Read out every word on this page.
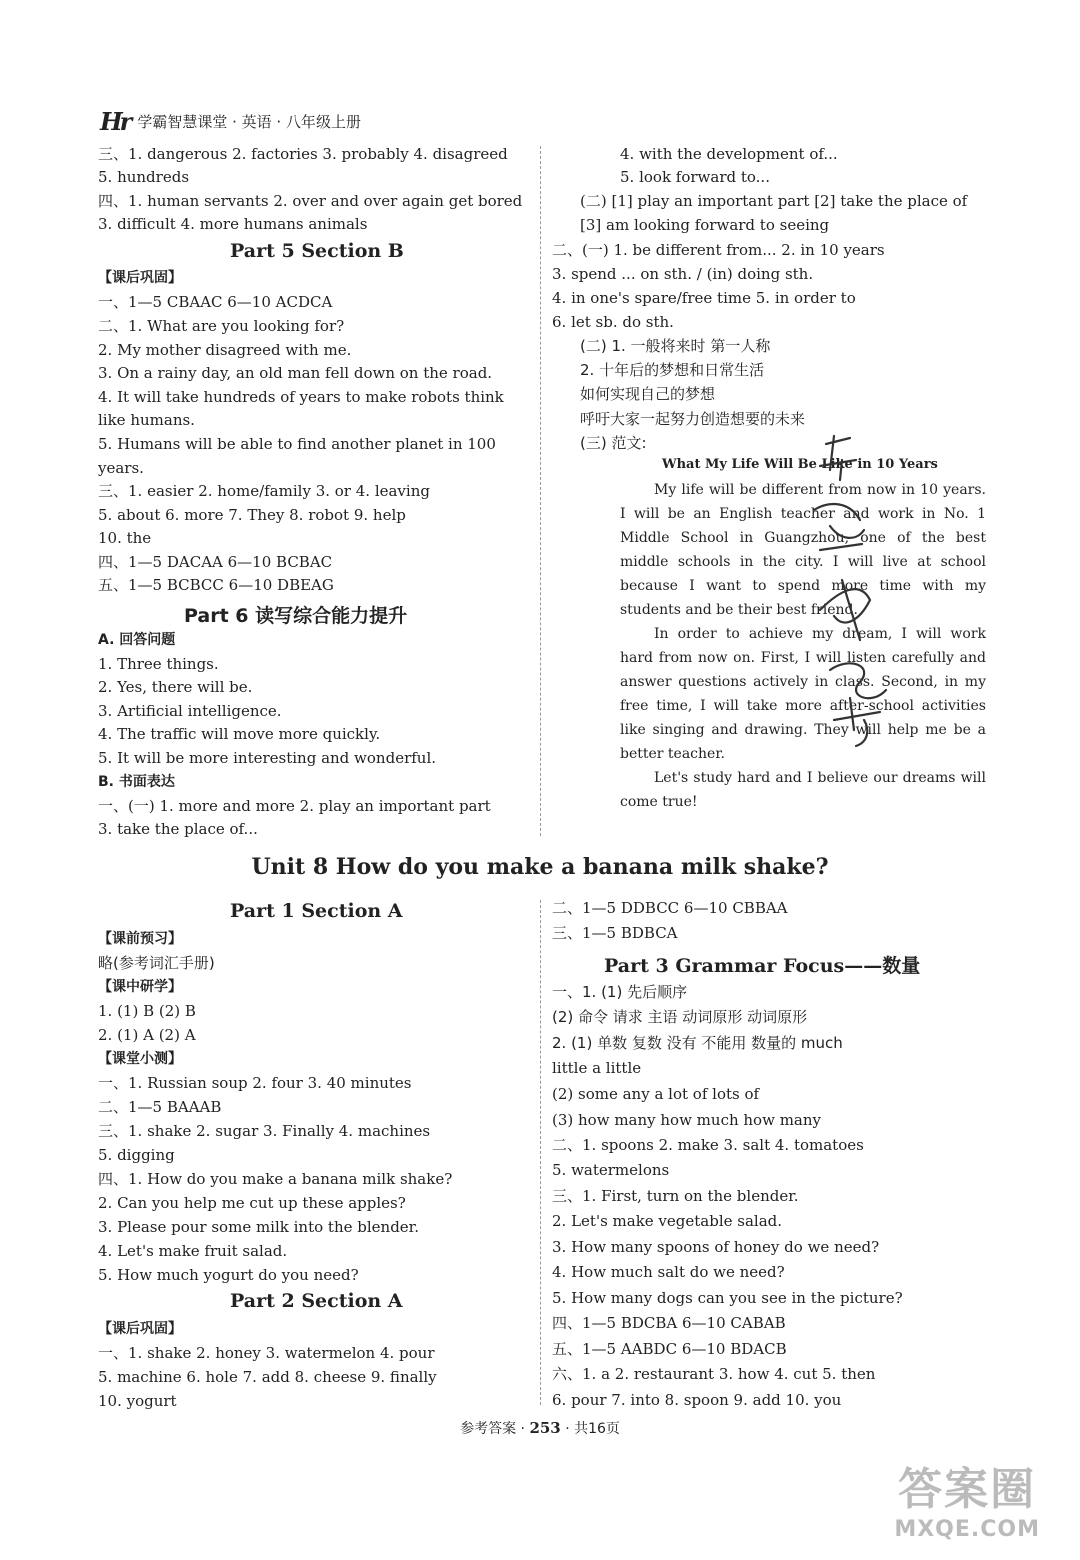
Hr 学霸智慧课堂 · 英语 · 八年级上册
三、1. dangerous 2. factories 3. probably 4. disagreed
5. hundreds
四、1. human servants 2. over and over again get bored
3. difficult 4. more humans animals
Part 5 Section B
【课后巩固】
一、1—5 CBAAC 6—10 ACDCA
二、1. What are you looking for?
2. My mother disagreed with me.
3. On a rainy day, an old man fell down on the road.
4. It will take hundreds of years to make robots think
like humans.
5. Humans will be able to find another planet in 100
years.
三、1. easier 2. home/family 3. or 4. leaving
5. about 6. more 7. They 8. robot 9. help
10. the
四、1—5 DACAA 6—10 BCBAC
五、1—5 BCBCC 6—10 DBEAG
Part 6 读写综合能力提升
A. 回答问题
1. Three things.
2. Yes, there will be.
3. Artificial intelligence.
4. The traffic will move more quickly.
5. It will be more interesting and wonderful.
B. 书面表达
一、(一) 1. more and more 2. play an important part
3. take the place of...
4. with the development of...
5. look forward to...
(二) [1] play an important part [2] take the place of
[3] am looking forward to seeing
二、(一) 1. be different from... 2. in 10 years
3. spend ... on sth. / (in) doing sth.
4. in one's spare/free time 5. in order to
6. let sb. do sth.
(二) 1. 一般将来时 第一人称
2. 十年后的梦想和日常生活
如何实现自己的梦想
呼吁大家一起努力创造想要的未来
(三) 范文:
What My Life Will Be Like in 10 Years

My life will be different from now in 10 years. I will be an English teacher and work in No. 1 Middle School in Guangzhou, one of the best middle schools in the city. I will live at school because I want to spend more time with my students and be their best friend.

In order to achieve my dream, I will work hard from now on. First, I will listen carefully and answer questions actively in class. Second, in my free time, I will take more after-school activities like singing and drawing. They will help me be a better teacher.

Let's study hard and I believe our dreams will come true!

Unit 8 How do you make a banana milk shake?
Part 1 Section A
【课前预习】
略(参考词汇手册)
【课中研学】
1. (1) B (2) B
2. (1) A (2) A
【课堂小测】
一、1. Russian soup 2. four 3. 40 minutes
二、1—5 BAAAB
三、1. shake 2. sugar 3. Finally 4. machines
5. digging
四、1. How do you make a banana milk shake?
2. Can you help me cut up these apples?
3. Please pour some milk into the blender.
4. Let's make fruit salad.
5. How much yogurt do you need?
Part 2 Section A
【课后巩固】
一、1. shake 2. honey 3. watermelon 4. pour
5. machine 6. hole 7. add 8. cheese 9. finally
10. yogurt
二、1—5 DDBCC 6—10 CBBAA
三、1—5 BDBCA
Part 3 Grammar Focus——数量
一、1. (1) 先后顺序
(2) 命令 请求 主语 动词原形 动词原形
2. (1) 单数 复数 没有 不能用 数量的 much
little a little
(2) some any a lot of lots of
(3) how many how much how many
二、1. spoons 2. make 3. salt 4. tomatoes
5. watermelons
三、1. First, turn on the blender.
2. Let's make vegetable salad.
3. How many spoons of honey do we need?
4. How much salt do we need?
5. How many dogs can you see in the picture?
四、1—5 BDCBA 6—10 CABAB
五、1—5 AABDC 6—10 BDACB
六、1. a 2. restaurant 3. how 4. cut 5. then
6. pour 7. into 8. spoon 9. add 10. you
参考答案 · 253 · 共16页
答案圈
MXQE.COM
